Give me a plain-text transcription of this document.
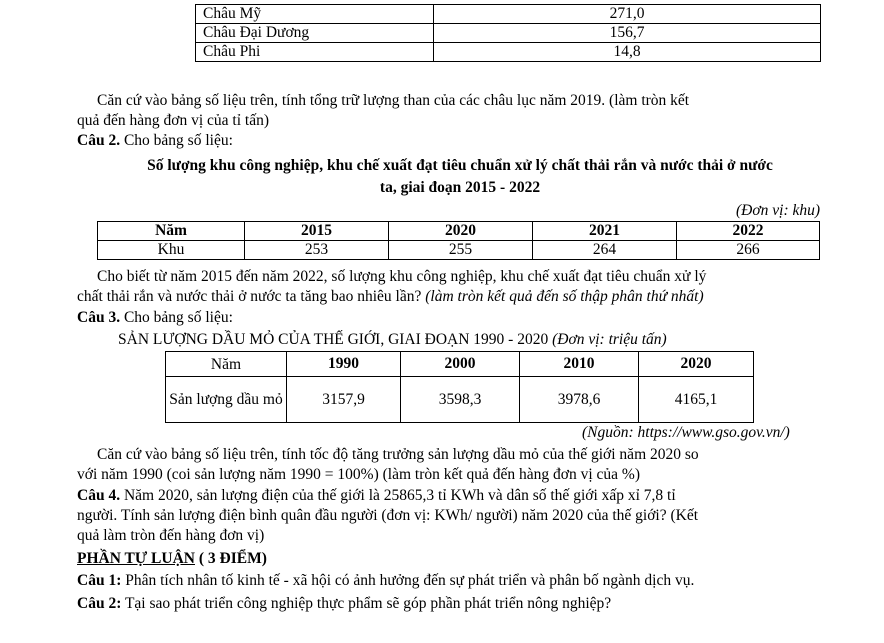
Châu Mỹ	271,0
Châu Đại Dương	156,7
Châu Phi	14,8
Căn cứ vào bảng số liệu trên, tính tổng trữ lượng than của các châu lục năm 2019. (làm tròn kết
quả đến hàng đơn vị của tỉ tấn)
Câu 2. Cho bảng số liệu:
Số lượng khu công nghiệp, khu chế xuất đạt tiêu chuẩn xử lý chất thải rắn và nước thải ở nước
ta, giai đoạn 2015 - 2022
(Đơn vị: khu)
Năm	2015	2020	2021	2022
Khu	253	255	264	266
Cho biết từ năm 2015 đến năm 2022, số lượng khu công nghiệp, khu chế xuất đạt tiêu chuẩn xử lý
chất thải rắn và nước thải ở nước ta tăng bao nhiêu lần? (làm tròn kết quả đến số thập phân thứ nhất)
Câu 3. Cho bảng số liệu:
SẢN LƯỢNG DẦU MỎ CỦA THẾ GIỚI, GIAI ĐOẠN 1990 - 2020 (Đơn vị: triệu tấn)
Năm	1990	2000	2010	2020
Sản lượng dầu mỏ	3157,9	3598,3	3978,6	4165,1
(Nguồn: https://www.gso.gov.vn/)
Căn cứ vào bảng số liệu trên, tính tốc độ tăng trưởng sản lượng dầu mỏ của thế giới năm 2020 so
với năm 1990 (coi sản lượng năm 1990 = 100%) (làm tròn kết quả đến hàng đơn vị của %)
Câu 4. Năm 2020, sản lượng điện của thế giới là 25865,3 tỉ KWh và dân số thế giới xấp xỉ 7,8 tỉ
người. Tính sản lượng điện bình quân đầu người (đơn vị: KWh/ người) năm 2020 của thế giới? (Kết
quả làm tròn đến hàng đơn vị)
PHẦN TỰ LUẬN ( 3 ĐIỂM)
Câu 1: Phân tích nhân tố kinh tế - xã hội có ảnh hưởng đến sự phát triển và phân bố ngành dịch vụ.
Câu 2: Tại sao phát triển công nghiệp thực phẩm sẽ góp phần phát triển nông nghiệp?
